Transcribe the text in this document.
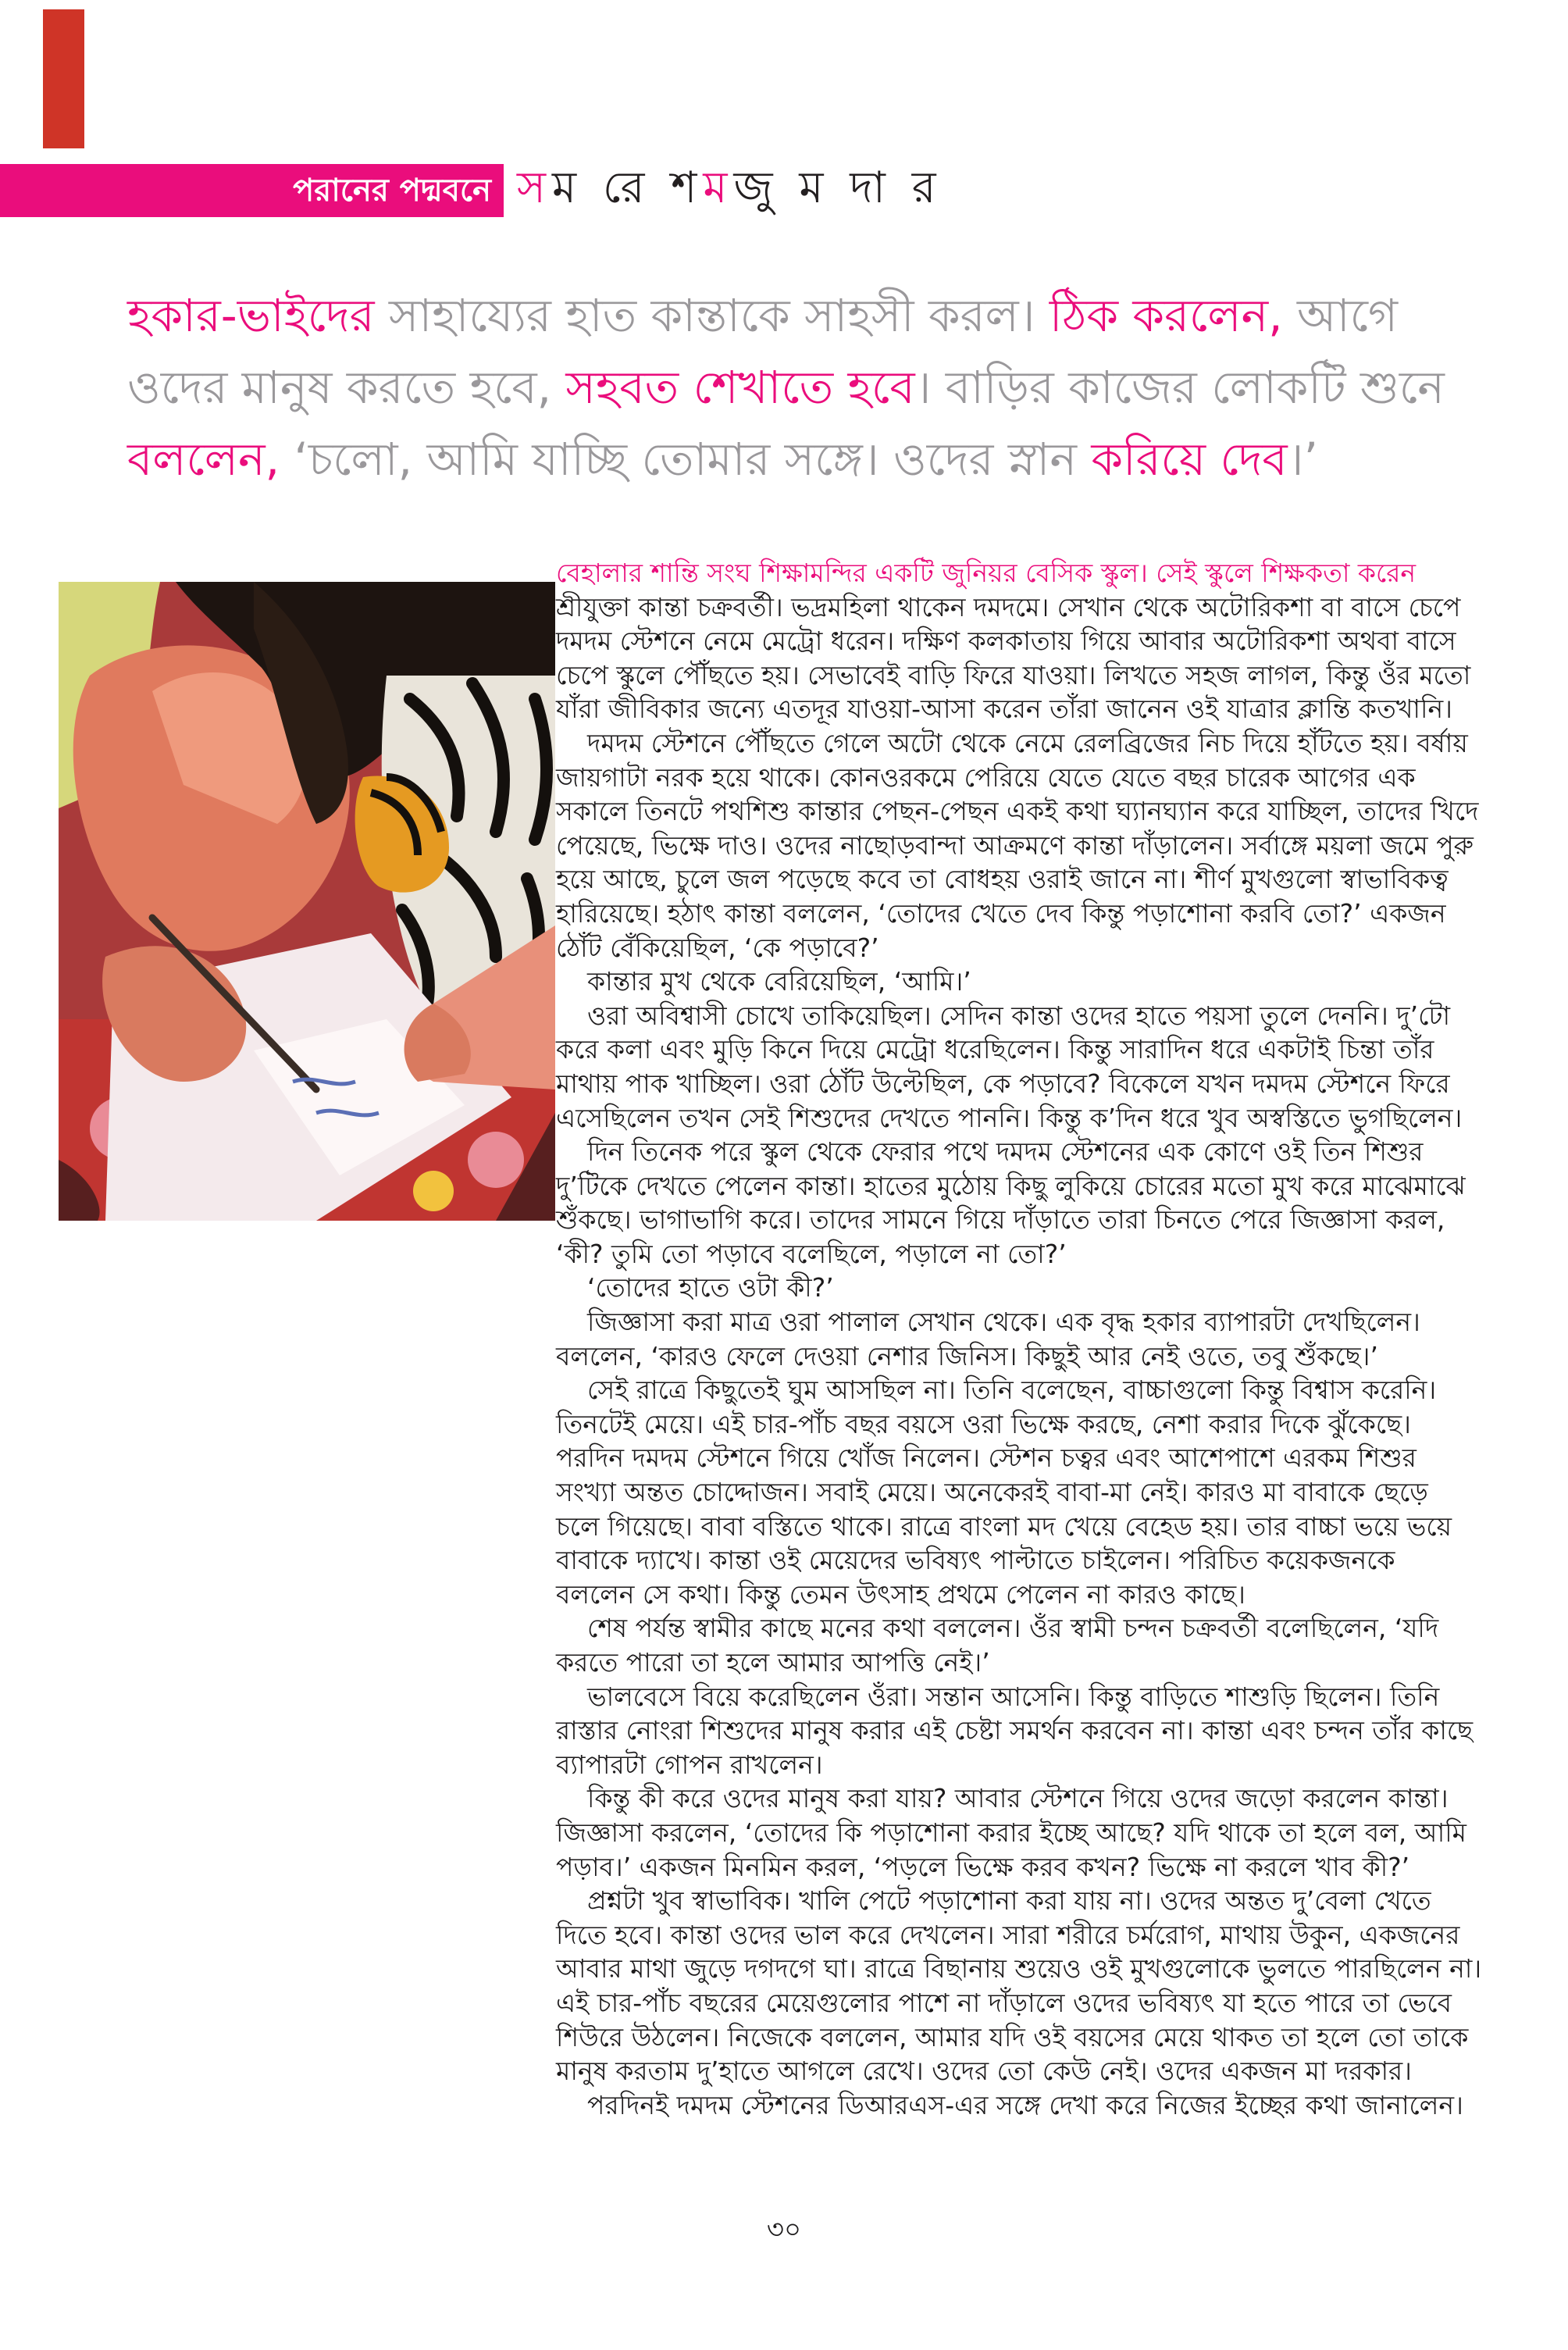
পরানের পদ্মবনে স ম রে শ ম জু ম দা র
হকার-ভাইদের সাহায্যের হাত কান্তাকে সাহসী করল। ঠিক করলেন, আগে
ওদের মানুষ করতে হবে, সহবত শেখাতে হবে। বাড়ির কাজের লোকটি শুনে
বললেন, ‘চলো, আমি যাচ্ছি তোমার সঙ্গে। ওদের স্নান করিয়ে দেব।’
বেহালার শান্তি সংঘ শিক্ষামন্দির একটি জুনিয়র বেসিক স্কুল। সেই স্কুলে শিক্ষকতা করেন
শ্রীযুক্তা কান্তা চক্রবর্তী। ভদ্রমহিলা থাকেন দমদমে। সেখান থেকে অটোরিকশা বা বাসে চেপে
দমদম স্টেশনে নেমে মেট্রো ধরেন। দক্ষিণ কলকাতায় গিয়ে আবার অটোরিকশা অথবা বাসে
চেপে স্কুলে পৌঁছতে হয়। সেভাবেই বাড়ি ফিরে যাওয়া। লিখতে সহজ লাগল, কিন্তু ওঁর মতো
যাঁরা জীবিকার জন্যে এতদূর যাওয়া-আসা করেন তাঁরা জানেন ওই যাত্রার ক্লান্তি কতখানি।
দমদম স্টেশনে পৌঁছতে গেলে অটো থেকে নেমে রেলব্রিজের নিচ দিয়ে হাঁটতে হয়। বর্ষায়
জায়গাটা নরক হয়ে থাকে। কোনওরকমে পেরিয়ে যেতে যেতে বছর চারেক আগের এক
সকালে তিনটে পথশিশু কান্তার পেছন-পেছন একই কথা ঘ্যানঘ্যান করে যাচ্ছিল, তাদের খিদে
পেয়েছে, ভিক্ষে দাও। ওদের নাছোড়বান্দা আক্রমণে কান্তা দাঁড়ালেন। সর্বাঙ্গে ময়লা জমে পুরু
হয়ে আছে, চুলে জল পড়েছে কবে তা বোধহয় ওরাই জানে না। শীর্ণ মুখগুলো স্বাভাবিকত্ব
হারিয়েছে। হঠাৎ কান্তা বললেন, ‘তোদের খেতে দেব কিন্তু পড়াশোনা করবি তো?’ একজন
ঠোঁট বেঁকিয়েছিল, ‘কে পড়াবে?’
কান্তার মুখ থেকে বেরিয়েছিল, ‘আমি।’
ওরা অবিশ্বাসী চোখে তাকিয়েছিল। সেদিন কান্তা ওদের হাতে পয়সা তুলে দেননি। দু’টো
করে কলা এবং মুড়ি কিনে দিয়ে মেট্রো ধরেছিলেন। কিন্তু সারাদিন ধরে একটাই চিন্তা তাঁর
মাথায় পাক খাচ্ছিল। ওরা ঠোঁট উল্টেছিল, কে পড়াবে? বিকেলে যখন দমদম স্টেশনে ফিরে
এসেছিলেন তখন সেই শিশুদের দেখতে পাননি। কিন্তু ক’দিন ধরে খুব অস্বস্তিতে ভুগছিলেন।
দিন তিনেক পরে স্কুল থেকে ফেরার পথে দমদম স্টেশনের এক কোণে ওই তিন শিশুর
দু’টিকে দেখতে পেলেন কান্তা। হাতের মুঠোয় কিছু লুকিয়ে চোরের মতো মুখ করে মাঝেমাঝে
শুঁকছে। ভাগাভাগি করে। তাদের সামনে গিয়ে দাঁড়াতে তারা চিনতে পেরে জিজ্ঞাসা করল,
‘কী? তুমি তো পড়াবে বলেছিলে, পড়ালে না তো?’
‘তোদের হাতে ওটা কী?’
জিজ্ঞাসা করা মাত্র ওরা পালাল সেখান থেকে। এক বৃদ্ধ হকার ব্যাপারটা দেখছিলেন।
বললেন, ‘কারও ফেলে দেওয়া নেশার জিনিস। কিছুই আর নেই ওতে, তবু শুঁকছে।’
সেই রাত্রে কিছুতেই ঘুম আসছিল না। তিনি বলেছেন, বাচ্চাগুলো কিন্তু বিশ্বাস করেনি।
তিনটেই মেয়ে। এই চার-পাঁচ বছর বয়সে ওরা ভিক্ষে করছে, নেশা করার দিকে ঝুঁকেছে।
পরদিন দমদম স্টেশনে গিয়ে খোঁজ নিলেন। স্টেশন চত্বর এবং আশেপাশে এরকম শিশুর
সংখ্যা অন্তত চোদ্দোজন। সবাই মেয়ে। অনেকেরই বাবা-মা নেই। কারও মা বাবাকে ছেড়ে
চলে গিয়েছে। বাবা বস্তিতে থাকে। রাত্রে বাংলা মদ খেয়ে বেহেড হয়। তার বাচ্চা ভয়ে ভয়ে
বাবাকে দ্যাখে। কান্তা ওই মেয়েদের ভবিষ্যৎ পাল্টাতে চাইলেন। পরিচিত কয়েকজনকে
বললেন সে কথা। কিন্তু তেমন উৎসাহ প্রথমে পেলেন না কারও কাছে।
শেষ পর্যন্ত স্বামীর কাছে মনের কথা বললেন। ওঁর স্বামী চন্দন চক্রবর্তী বলেছিলেন, ‘যদি
করতে পারো তা হলে আমার আপত্তি নেই।’
ভালবেসে বিয়ে করেছিলেন ওঁরা। সন্তান আসেনি। কিন্তু বাড়িতে শাশুড়ি ছিলেন। তিনি
রাস্তার নোংরা শিশুদের মানুষ করার এই চেষ্টা সমর্থন করবেন না। কান্তা এবং চন্দন তাঁর কাছে
ব্যাপারটা গোপন রাখলেন।
কিন্তু কী করে ওদের মানুষ করা যায়? আবার স্টেশনে গিয়ে ওদের জড়ো করলেন কান্তা।
জিজ্ঞাসা করলেন, ‘তোদের কি পড়াশোনা করার ইচ্ছে আছে? যদি থাকে তা হলে বল, আমি
পড়াব।’ একজন মিনমিন করল, ‘পড়লে ভিক্ষে করব কখন? ভিক্ষে না করলে খাব কী?’
প্রশ্নটা খুব স্বাভাবিক। খালি পেটে পড়াশোনা করা যায় না। ওদের অন্তত দু’বেলা খেতে
দিতে হবে। কান্তা ওদের ভাল করে দেখলেন। সারা শরীরে চর্মরোগ, মাথায় উকুন, একজনের
আবার মাথা জুড়ে দগদগে ঘা। রাত্রে বিছানায় শুয়েও ওই মুখগুলোকে ভুলতে পারছিলেন না।
এই চার-পাঁচ বছরের মেয়েগুলোর পাশে না দাঁড়ালে ওদের ভবিষ্যৎ যা হতে পারে তা ভেবে
শিউরে উঠলেন। নিজেকে বললেন, আমার যদি ওই বয়সের মেয়ে থাকত তা হলে তো তাকে
মানুষ করতাম দু’হাতে আগলে রেখে। ওদের তো কেউ নেই। ওদের একজন মা দরকার।
পরদিনই দমদম স্টেশনের ডিআরএস-এর সঙ্গে দেখা করে নিজের ইচ্ছের কথা জানালেন।
৩০
